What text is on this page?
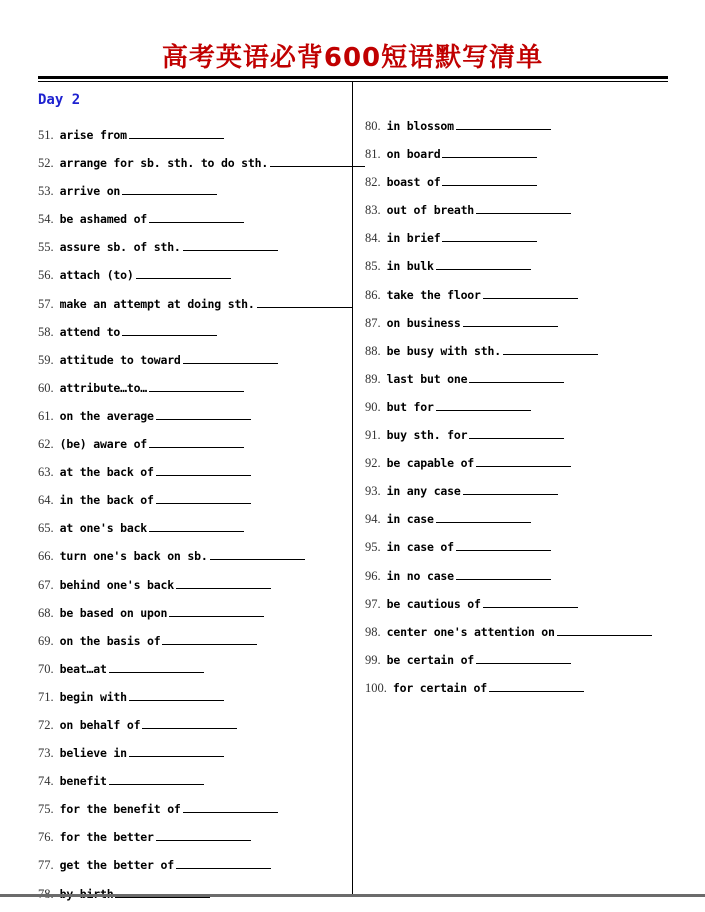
高考英语必背600短语默写清单
Day 2
51. arise from
52. arrange for sb. sth. to do sth.
53. arrive on
54. be ashamed of
55. assure sb. of sth.
56. attach (to)
57. make an attempt at doing sth.
58. attend to
59. attitude to toward
60. attribute…to…
61. on the average
62. (be) aware of
63. at the back of
64. in the back of
65. at one's back
66. turn one's back on sb.
67. behind one's back
68. be based on upon
69. on the basis of
70. beat…at
71. begin with
72. on behalf of
73. believe in
74. benefit
75. for the benefit of
76. for the better
77. get the better of
80. in blossom
81. on board
82. boast of
83. out of breath
84. in brief
85. in bulk
86. take the floor
87. on business
88. be busy with sth.
89. last but one
90. but for
91. buy sth. for
92. be capable of
93. in any case
94. in case
95. in case of
96. in no case
97. be cautious of
98. center one's attention on
99. be certain of
100. for certain of
